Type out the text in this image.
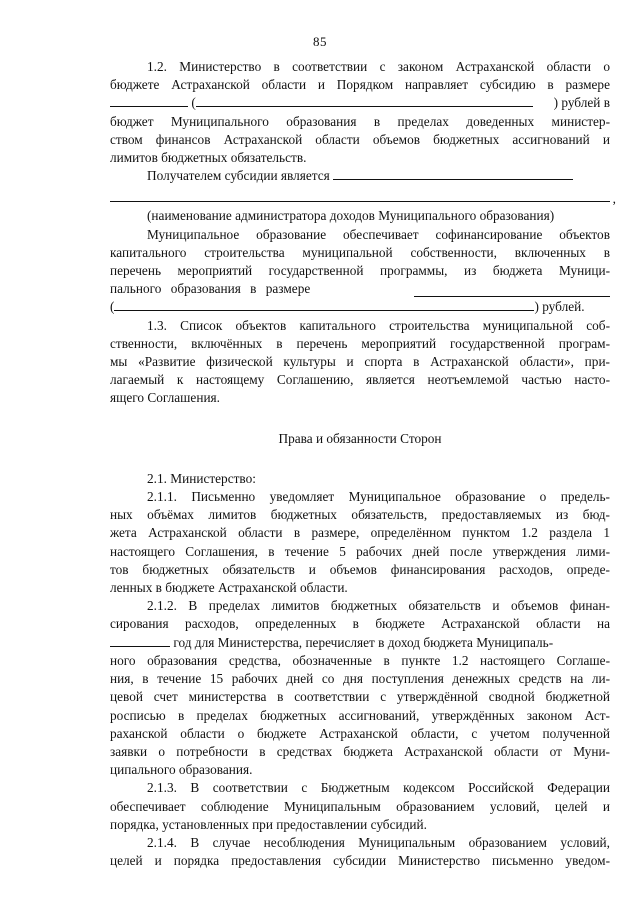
85

1.2. Министерство в соответствии с законом Астраханской области о

бюджете Астраханской области и Порядком направляет субсидию в размере

(	) рублей в

бюджет Муниципального образования в пределах доведенных министер-

ством финансов Астраханской области объемов бюджетных ассигнований и

лимитов бюджетных обязательств.

Получателем субсидии является

,

(наименование администратора доходов Муниципального образования)

Муниципальное образование обеспечивает софинансирование объектов

капитального строительства муниципальной собственности, включенных в

перечень мероприятий государственной программы, из бюджета Муници-

пального образования в размере

(	) рублей.

1.3. Список объектов капитального строительства муниципальной соб-

ственности, включённых в перечень мероприятий государственной програм-

мы «Развитие физической культуры и спорта в Астраханской области», при-

лагаемый к настоящему Соглашению, является неотъемлемой частью насто-

ящего Соглашения.

Права и обязанности Сторон

2.1. Министерство:

2.1.1. Письменно уведомляет Муниципальное образование о предель-

ных объёмах лимитов бюджетных обязательств, предоставляемых из бюд-

жета Астраханской области в размере, определённом пунктом 1.2 раздела 1

настоящего Соглашения, в течение 5 рабочих дней после утверждения лими-

тов бюджетных обязательств и объемов финансирования расходов, опреде-

ленных в бюджете Астраханской области.

2.1.2. В пределах лимитов бюджетных обязательств и объемов финан-

сирования расходов, определенных в бюджете Астраханской области на

год для Министерства, перечисляет в доход бюджета Муниципаль-

ного образования средства, обозначенные в пункте 1.2 настоящего Соглаше-

ния, в течение 15 рабочих дней со дня поступления денежных средств на ли-

цевой счет министерства в соответствии с утверждённой сводной бюджетной

росписью в пределах бюджетных ассигнований, утверждённых законом Аст-

раханской области о бюджете Астраханской области, с учетом полученной

заявки о потребности в средствах бюджета Астраханской области от Муни-

ципального образования.

2.1.3. В соответствии с Бюджетным кодексом Российской Федерации

обеспечивает соблюдение Муниципальным образованием условий, целей и

порядка, установленных при предоставлении субсидий.

2.1.4. В случае несоблюдения Муниципальным образованием условий,

целей и порядка предоставления субсидии Министерство письменно уведом-
